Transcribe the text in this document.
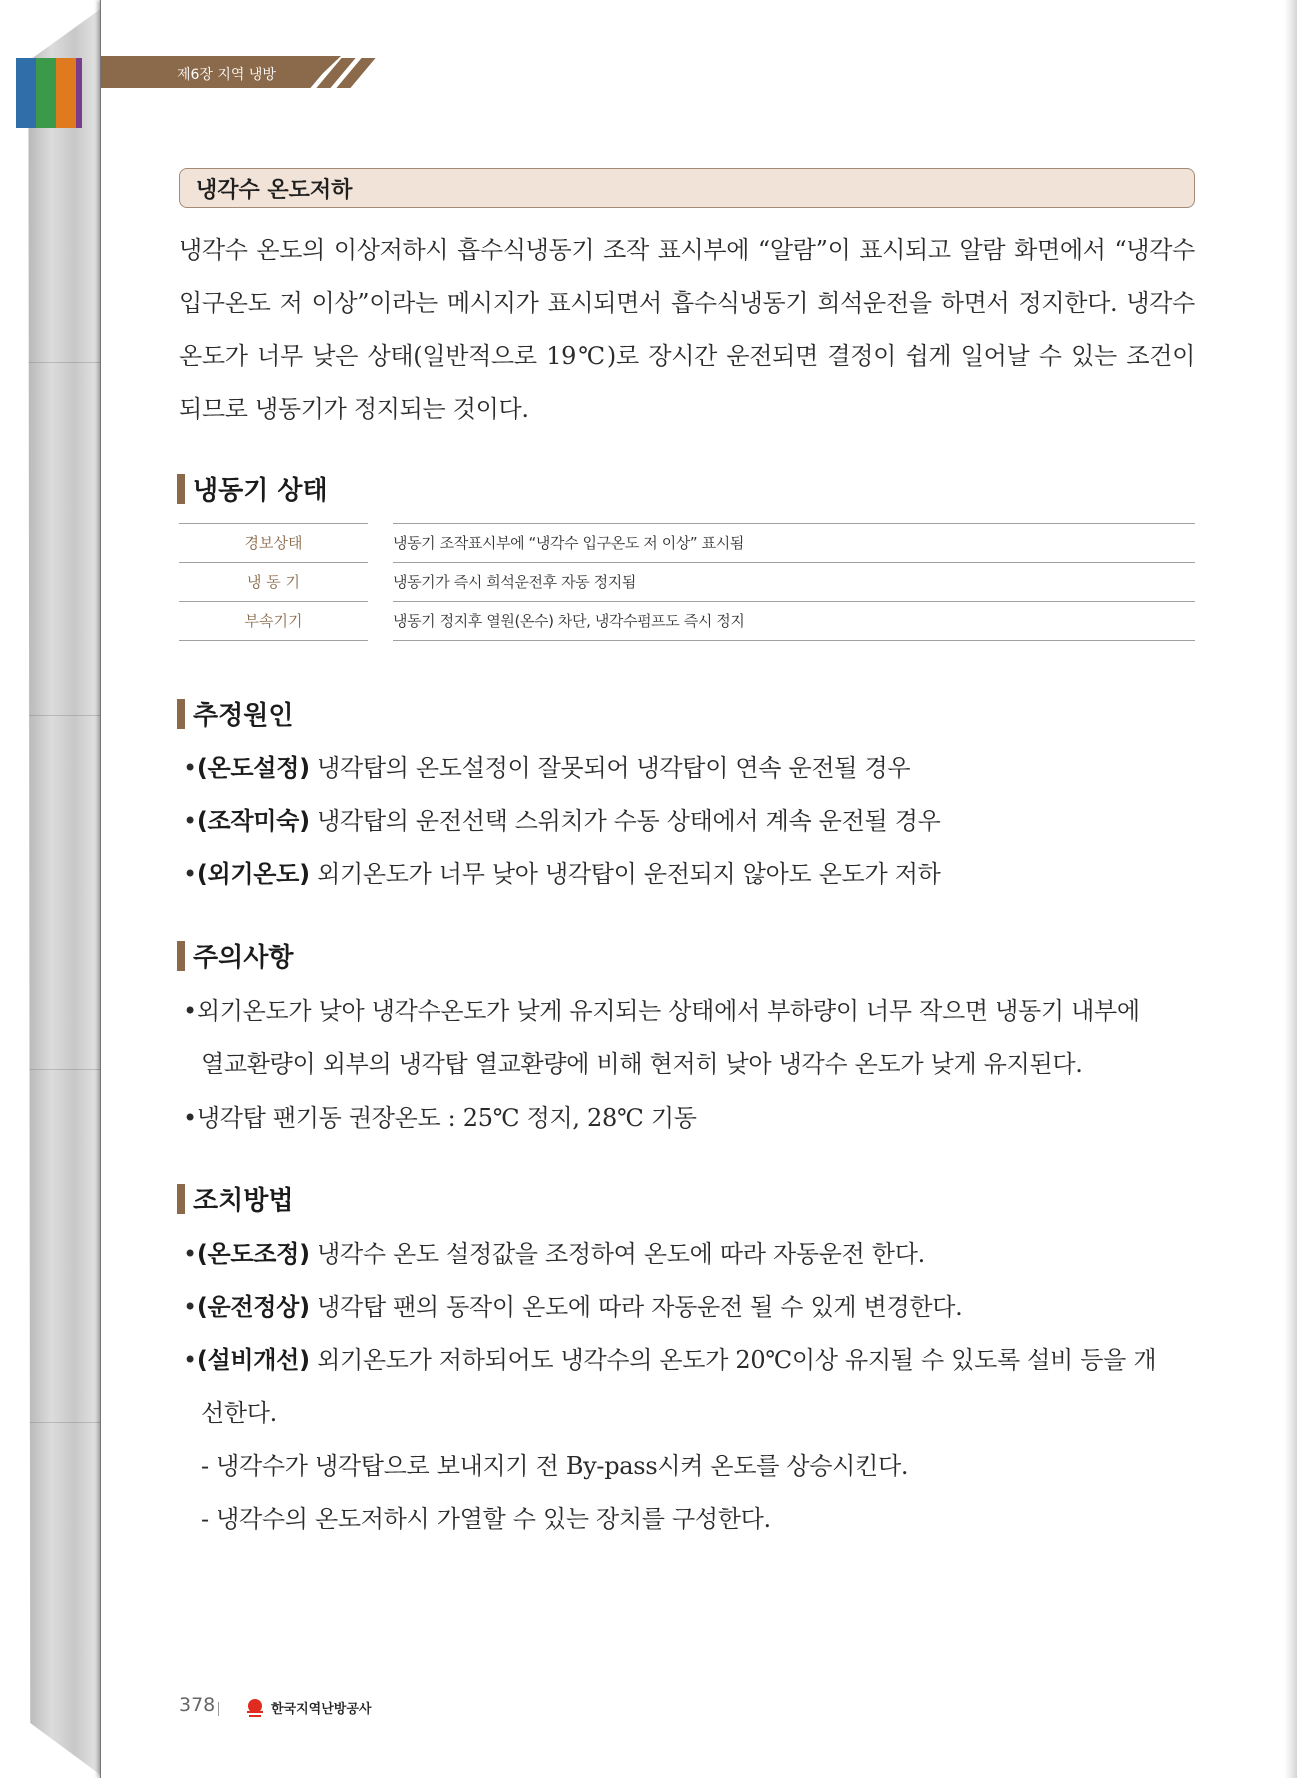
제6장 지역 냉방
냉각수 온도저하
냉각수 온도의 이상저하시 흡수식냉동기 조작 표시부에 “알람”이 표시되고 알람 화면에서 “냉각수 입구온도 저 이상”이라는 메시지가 표시되면서 흡수식냉동기 희석운전을 하면서 정지한다. 냉각수 온도가 너무 낮은 상태(일반적으로 19℃)로 장시간 운전되면 결정이 쉽게 일어날 수 있는 조건이 되므로 냉동기가 정지되는 것이다.
냉동기 상태
경보상태	냉동기 조작표시부에 “냉각수 입구온도 저 이상” 표시됨
냉 동 기	냉동기가 즉시 희석운전후 자동 정지됨
부속기기	냉동기 정지후 열원(온수) 차단, 냉각수펌프도 즉시 정지
추정원인
•(온도설정) 냉각탑의 온도설정이 잘못되어 냉각탑이 연속 운전될 경우
•(조작미숙) 냉각탑의 운전선택 스위치가 수동 상태에서 계속 운전될 경우
•(외기온도) 외기온도가 너무 낮아 냉각탑이 운전되지 않아도 온도가 저하
주의사항
•외기온도가 낮아 냉각수온도가 낮게 유지되는 상태에서 부하량이 너무 작으면 냉동기 내부에
열교환량이 외부의 냉각탑 열교환량에 비해 현저히 낮아 냉각수 온도가 낮게 유지된다.
•냉각탑 팬기동 권장온도 : 25℃ 정지, 28℃ 기동
조치방법
•(온도조정) 냉각수 온도 설정값을 조정하여 온도에 따라 자동운전 한다.
•(운전정상) 냉각탑 팬의 동작이 온도에 따라 자동운전 될 수 있게 변경한다.
•(설비개선) 외기온도가 저하되어도 냉각수의 온도가 20℃이상 유지될 수 있도록 설비 등을 개
선한다.
- 냉각수가 냉각탑으로 보내지기 전 By-pass시켜 온도를 상승시킨다.
- 냉각수의 온도저하시 가열할 수 있는 장치를 구성한다.
378	한국지역난방공사
